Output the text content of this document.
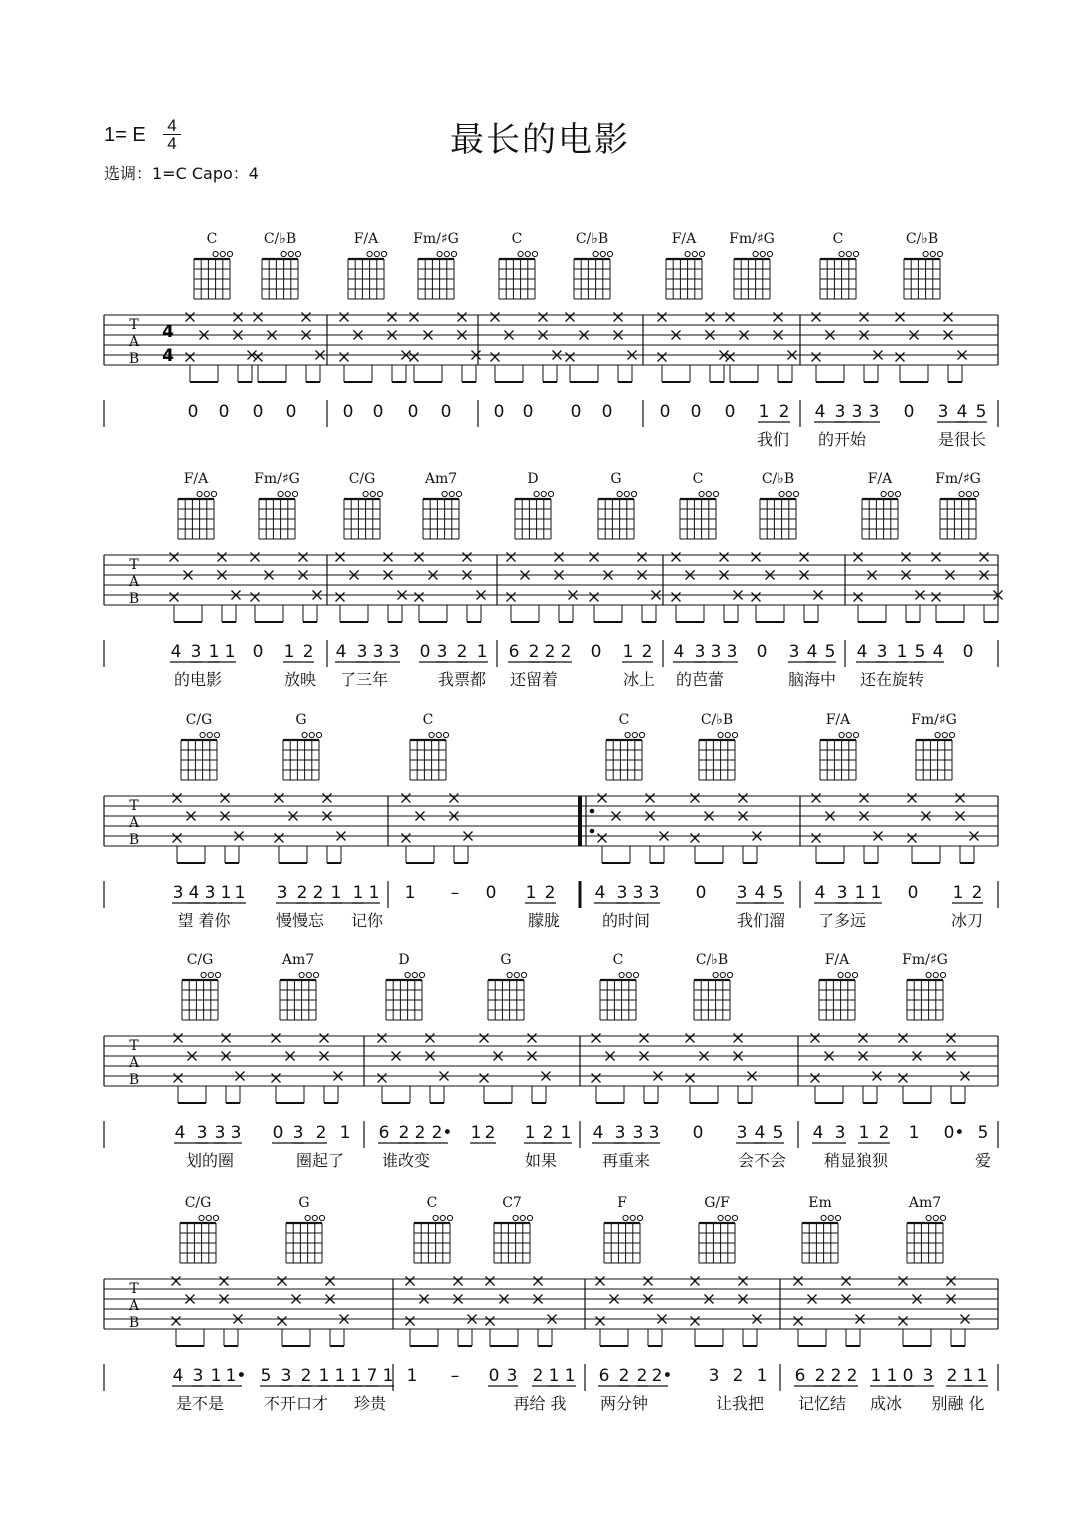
最长的电影
1= E 4
4
选调：1=C Capo：4
T
A
B
4
4
0 0 0 0	0 0 0 0 0 0 0 0	0 0 0 1 2 4 3 3 3 0 3 4 5
我们 的开始	是很长
C	C/♭B	F/A Fm/♯G	C	C/♭B	F/A Fm/♯G	C	C/♭B
T
A
B
4 3 1 1 0 1 2 4 3 3 3 0 3 2 1 6 2 2 2 0 1 2 4 3 3 3 0 3 4 5 4 3 1 5 4 0
的电影	放映 了三年	我票都 还留着	冰上 的芭蕾	脑海中 还在旋转
F/A	Fm/♯G	C/G	Am7	D	G	C	C/♭B	F/A	Fm/♯G
T
A
B
3 4 3 1 1 3 2 2 1 1 1 1 – 0 1 2 4 3 3 3 0 3 4 5 4 3 1 1 0 1 2
望 着你	慢慢忘 记你	朦胧	的时间	我们溜 了多远	冰刀
C/G	G	C	C	C/♭B	F/A	Fm/♯G
T
A
B
4 3 3 3 0 3 2 1 6 2 2 2• 1 2 1 2 1 4 3 3 3 0 3 4 5 4 3 1 2 1 0• 5
划的圈	圈起了 谁改变	如果	再重来	会不会 稍显狼狈	爱
C/G	Am7	D	G	C	C/♭B	F/A	Fm/♯G
T
A
B
4 3 1 1• 5 3 2 1 1 1 7 1 1 – 0 3 2 1 1 6 2 2 2• 3 2 1 6 2 2 2 1 1 0 3 2 1 1
是不是 不开口才 珍贵	再给 我 两分钟	让我把 记忆结 成冰 别融 化
C/G	G	C	C7	F	G/F	Em	Am7
